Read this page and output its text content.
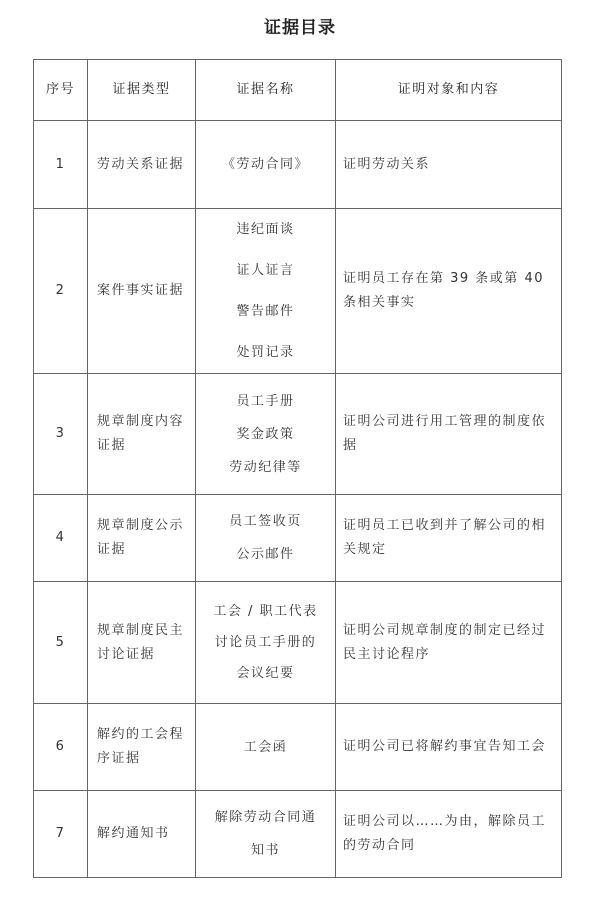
证据目录
序号	证据类型	证据名称	证明对象和内容
1	劳动关系证据	《劳动合同》	证明劳动关系
2	案件事实证据	违纪面谈
证人证言
警告邮件
处罚记录	证明员工存在第 39 条或第 40 条相关事实
3	规章制度内容证据	员工手册
奖金政策
劳动纪律等	证明公司进行用工管理的制度依据
4	规章制度公示证据	员工签收页
公示邮件	证明员工已收到并了解公司的相关规定
5	规章制度民主讨论证据	工会 / 职工代表
讨论员工手册的
会议纪要	证明公司规章制度的制定已经过民主讨论程序
6	解约的工会程序证据	工会函	证明公司已将解约事宜告知工会
7	解约通知书	解除劳动合同通
知书	证明公司以……为由，解除员工的劳动合同
